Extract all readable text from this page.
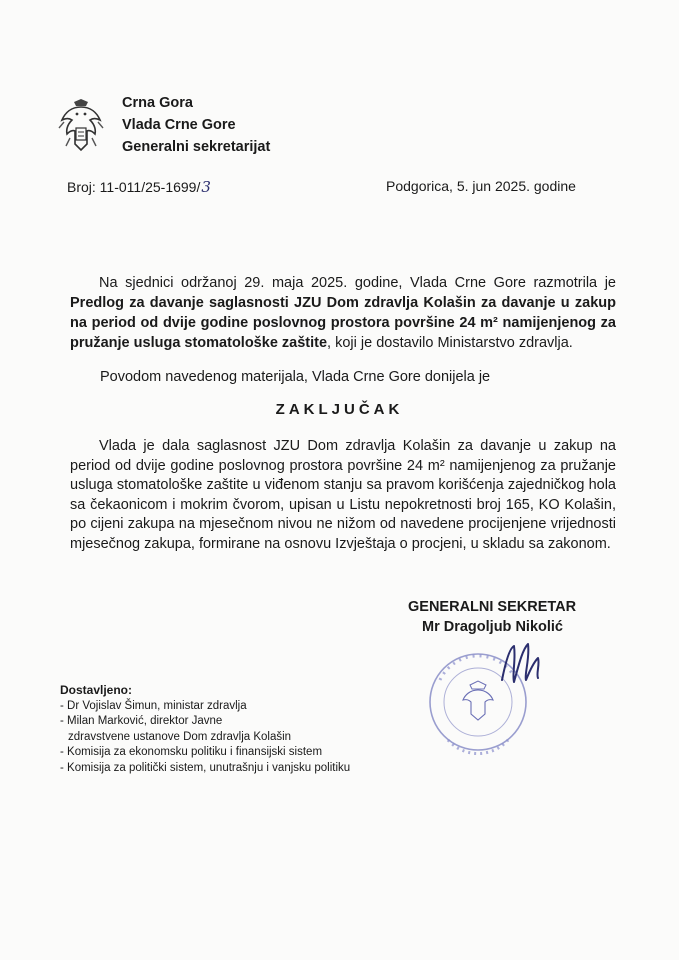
Crna Gora
Vlada Crne Gore
Generalni sekretarijat
Broj: 11-011/25-1699/3	Podgorica, 5. jun 2025. godine
Na sjednici održanoj 29. maja 2025. godine, Vlada Crne Gore razmotrila je Predlog za davanje saglasnosti JZU Dom zdravlja Kolašin za davanje u zakup na period od dvije godine poslovnog prostora površine 24 m² namijenjenog za pružanje usluga stomatološke zaštite, koji je dostavilo Ministarstvo zdravlja.
Povodom navedenog materijala, Vlada Crne Gore donijela je
ZAKLJUČAK
Vlada je dala saglasnost JZU Dom zdravlja Kolašin za davanje u zakup na period od dvije godine poslovnog prostora površine 24 m² namijenjenog za pružanje usluga stomatološke zaštite u viđenom stanju sa pravom korišćenja zajedničkog hola sa čekaonicom i mokrim čvorom, upisan u Listu nepokretnosti broj 165, KO Kolašin, po cijeni zakupa na mjesečnom nivou ne nižom od navedene procijenjene vrijednosti mjesečnog zakupa, formirane na osnovu Izvještaja o procjeni, u skladu sa zakonom.
GENERALNI SEKRETAR
Mr Dragoljub Nikolić
Dostavljeno:
- Dr Vojislav Šimun, ministar zdravlja
- Milan Marković, direktor Javne
zdravstvene ustanove Dom zdravlja Kolašin
- Komisija za ekonomsku politiku i finansijski sistem
- Komisija za politički sistem, unutrašnju i vanjsku politiku
